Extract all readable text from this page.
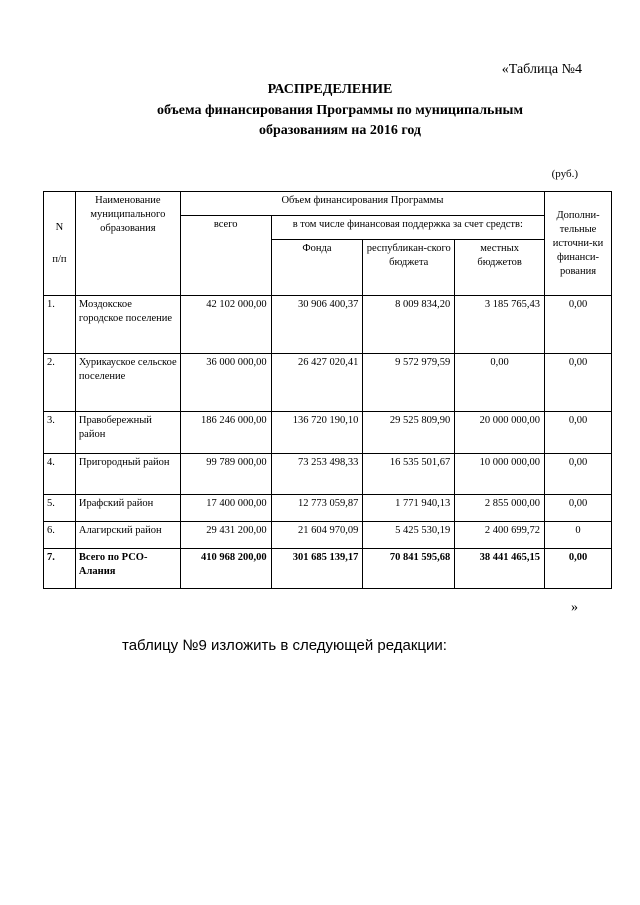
«Таблица №4
РАСПРЕДЕЛЕНИЕ
объема финансирования Программы по муниципальным
образованиям на 2016 год
(руб.)
N
п/п	Наименование муниципального образования	Объем финансирования Программы				Дополни-тельные источни-ки финанси-рования
		всего	в том числе финансовая поддержка за счет средств:			
			Фонда	республикан-ского бюджета	местных бюджетов	
1.	Моздокское городское поселение	42 102 000,00	30 906 400,37	8 009 834,20	3 185 765,43	0,00
2.	Хурикауское сельское поселение	36 000 000,00	26 427 020,41	9 572 979,59	0,00	0,00
3.	Правобережный район	186 246 000,00	136 720 190,10	29 525 809,90	20 000 000,00	0,00
4.	Пригородный район	99 789 000,00	73 253 498,33	16 535 501,67	10 000 000,00	0,00
5.	Ирафский район	17 400 000,00	12 773 059,87	1 771 940,13	2 855 000,00	0,00
6.	Алагирский район	29 431 200,00	21 604 970,09	5 425 530,19	2 400 699,72	0
7.	Всего по РСО-Алания	410 968 200,00	301 685 139,17	70 841 595,68	38 441 465,15	0,00
»
таблицу №9 изложить в следующей редакции:
